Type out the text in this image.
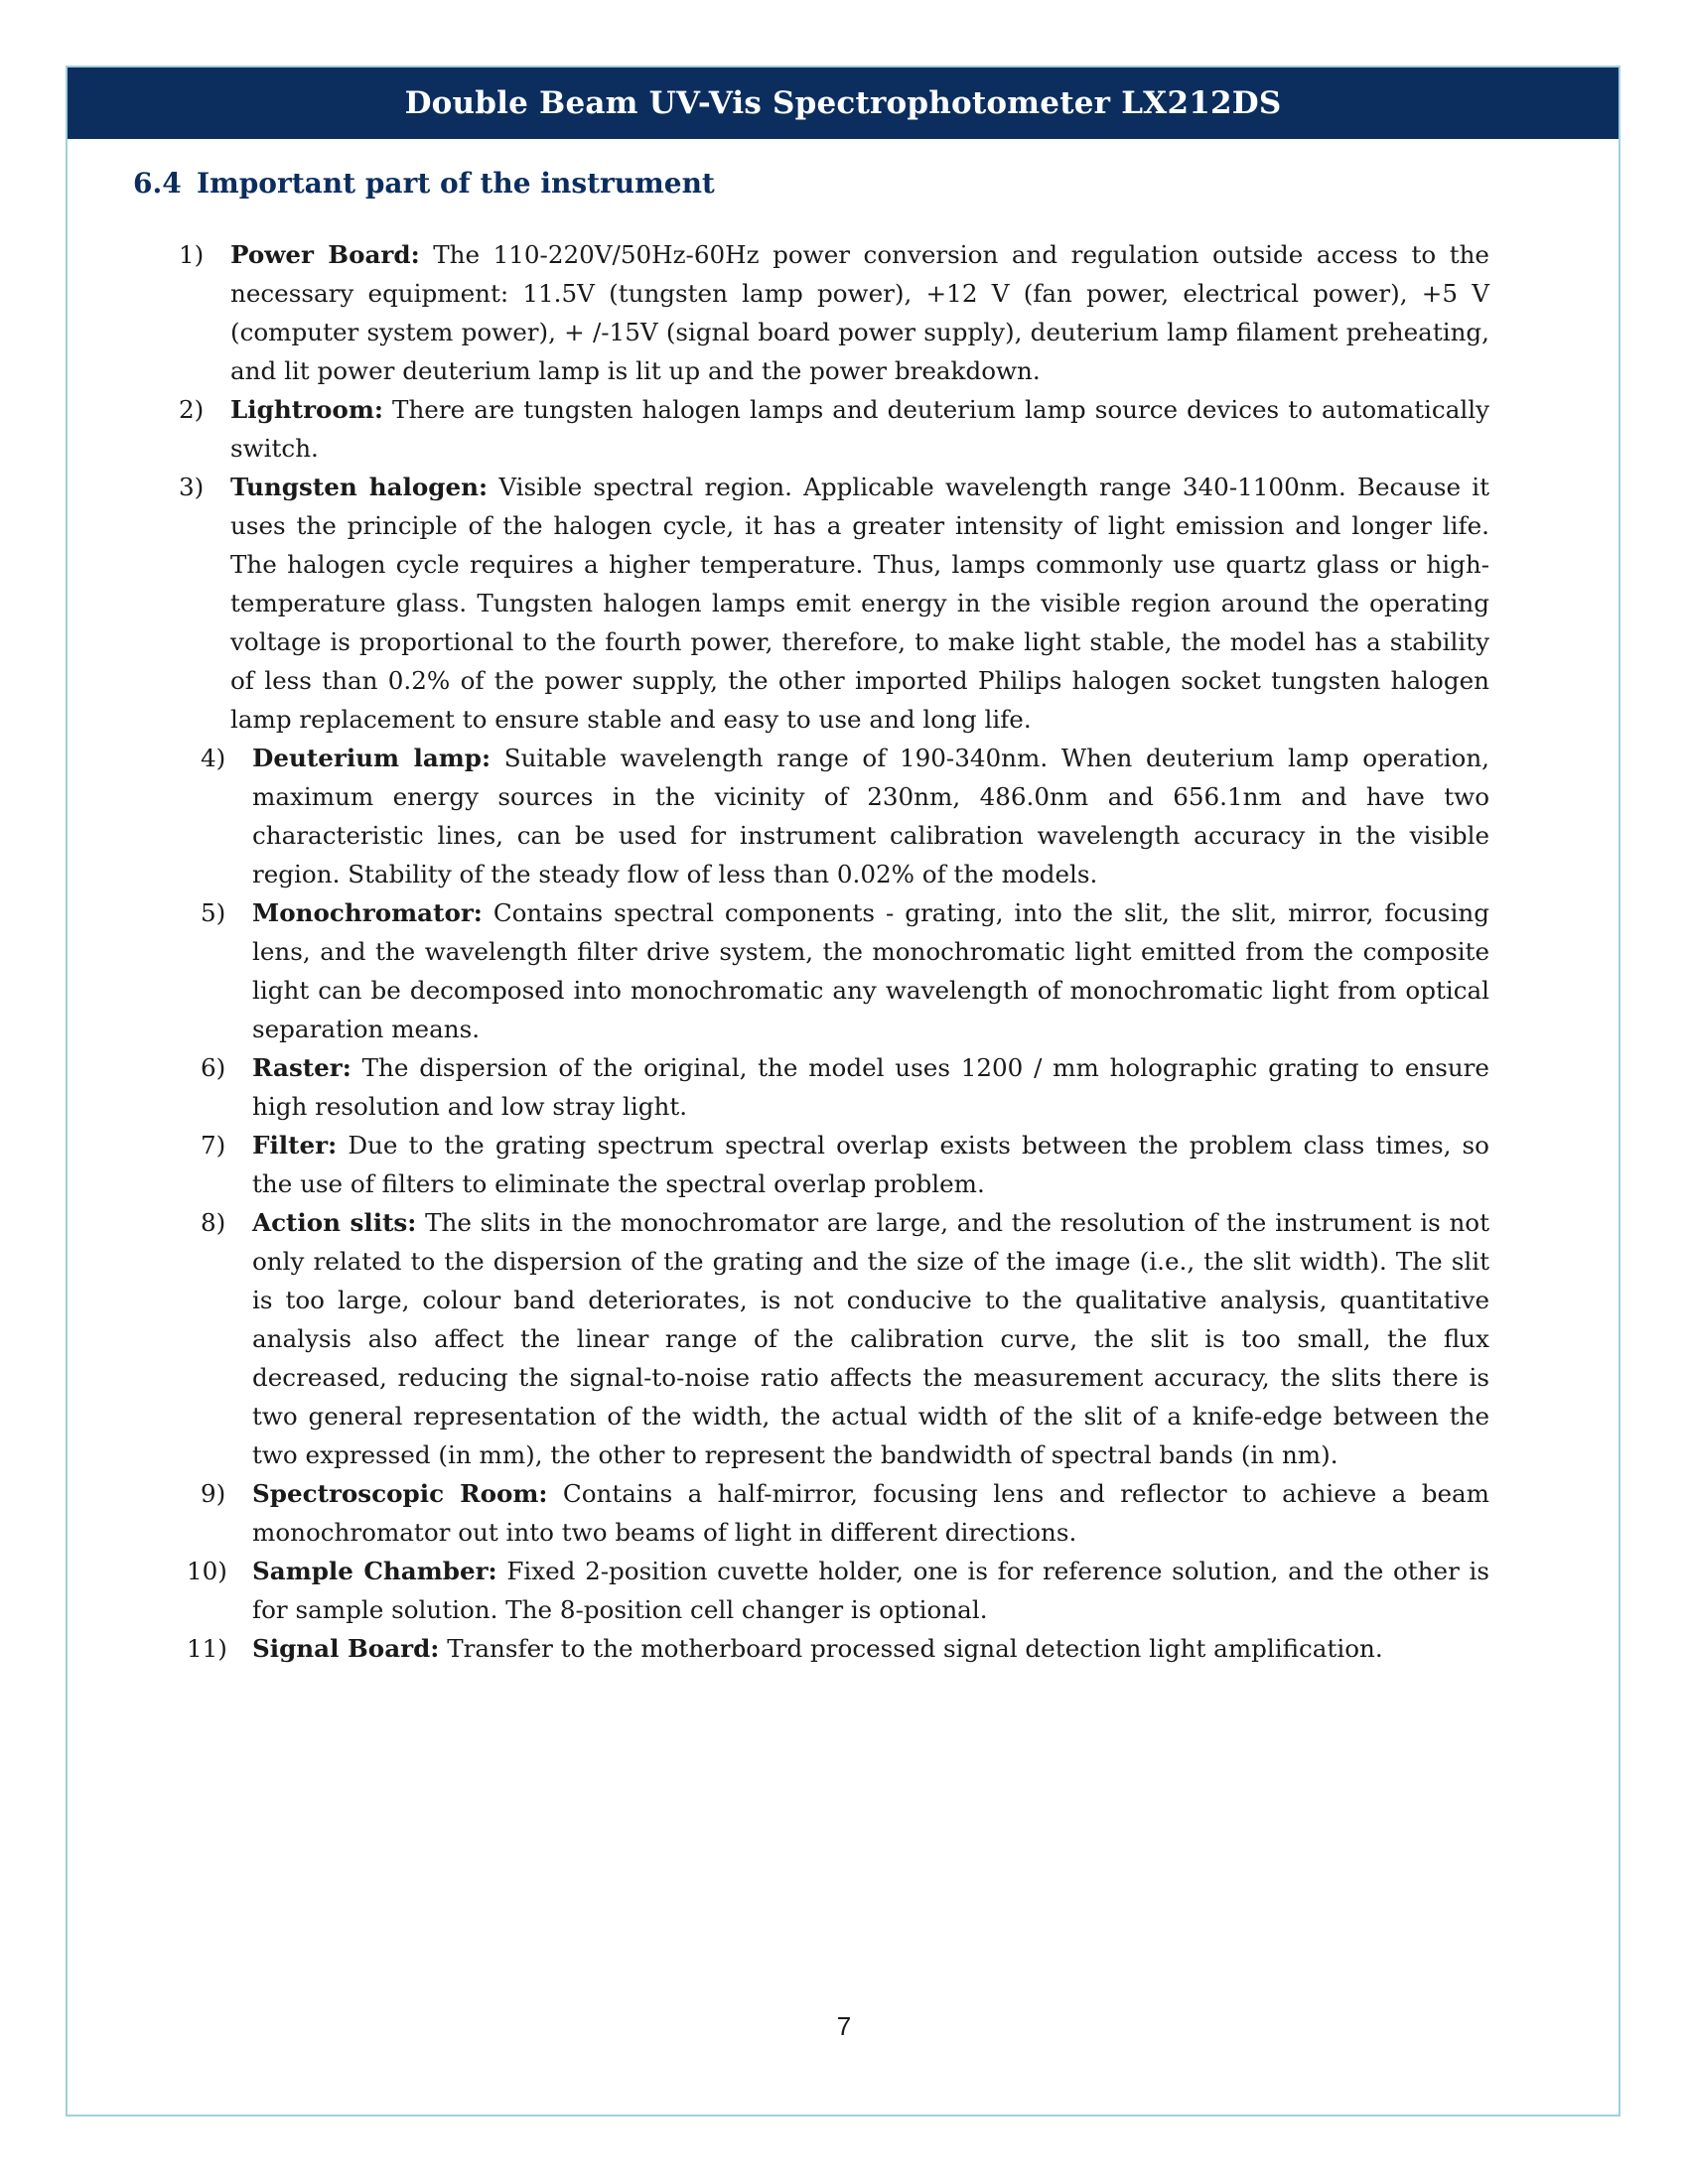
Double Beam UV-Vis Spectrophotometer LX212DS
6.4 Important part of the instrument
1) Power Board: The 110-220V/50Hz-60Hz power conversion and regulation outside access to the necessary equipment: 11.5V (tungsten lamp power), +12 V (fan power, electrical power), +5 V (computer system power), + /-15V (signal board power supply), deuterium lamp filament preheating, and lit power deuterium lamp is lit up and the power breakdown.
2) Lightroom: There are tungsten halogen lamps and deuterium lamp source devices to automatically switch.
3) Tungsten halogen: Visible spectral region. Applicable wavelength range 340-1100nm. Because it uses the principle of the halogen cycle, it has a greater intensity of light emission and longer life. The halogen cycle requires a higher temperature. Thus, lamps commonly use quartz glass or high-temperature glass. Tungsten halogen lamps emit energy in the visible region around the operating voltage is proportional to the fourth power, therefore, to make light stable, the model has a stability of less than 0.2% of the power supply, the other imported Philips halogen socket tungsten halogen lamp replacement to ensure stable and easy to use and long life.
4) Deuterium lamp: Suitable wavelength range of 190-340nm. When deuterium lamp operation, maximum energy sources in the vicinity of 230nm, 486.0nm and 656.1nm and have two characteristic lines, can be used for instrument calibration wavelength accuracy in the visible region. Stability of the steady flow of less than 0.02% of the models.
5) Monochromator: Contains spectral components - grating, into the slit, the slit, mirror, focusing lens, and the wavelength filter drive system, the monochromatic light emitted from the composite light can be decomposed into monochromatic any wavelength of monochromatic light from optical separation means.
6) Raster: The dispersion of the original, the model uses 1200 / mm holographic grating to ensure high resolution and low stray light.
7) Filter: Due to the grating spectrum spectral overlap exists between the problem class times, so the use of filters to eliminate the spectral overlap problem.
8) Action slits: The slits in the monochromator are large, and the resolution of the instrument is not only related to the dispersion of the grating and the size of the image (i.e., the slit width). The slit is too large, colour band deteriorates, is not conducive to the qualitative analysis, quantitative analysis also affect the linear range of the calibration curve, the slit is too small, the flux decreased, reducing the signal-to-noise ratio affects the measurement accuracy, the slits there is two general representation of the width, the actual width of the slit of a knife-edge between the two expressed (in mm), the other to represent the bandwidth of spectral bands (in nm).
9) Spectroscopic Room: Contains a half-mirror, focusing lens and reflector to achieve a beam monochromator out into two beams of light in different directions.
10) Sample Chamber: Fixed 2-position cuvette holder, one is for reference solution, and the other is for sample solution. The 8-position cell changer is optional.
11) Signal Board: Transfer to the motherboard processed signal detection light amplification.
7
